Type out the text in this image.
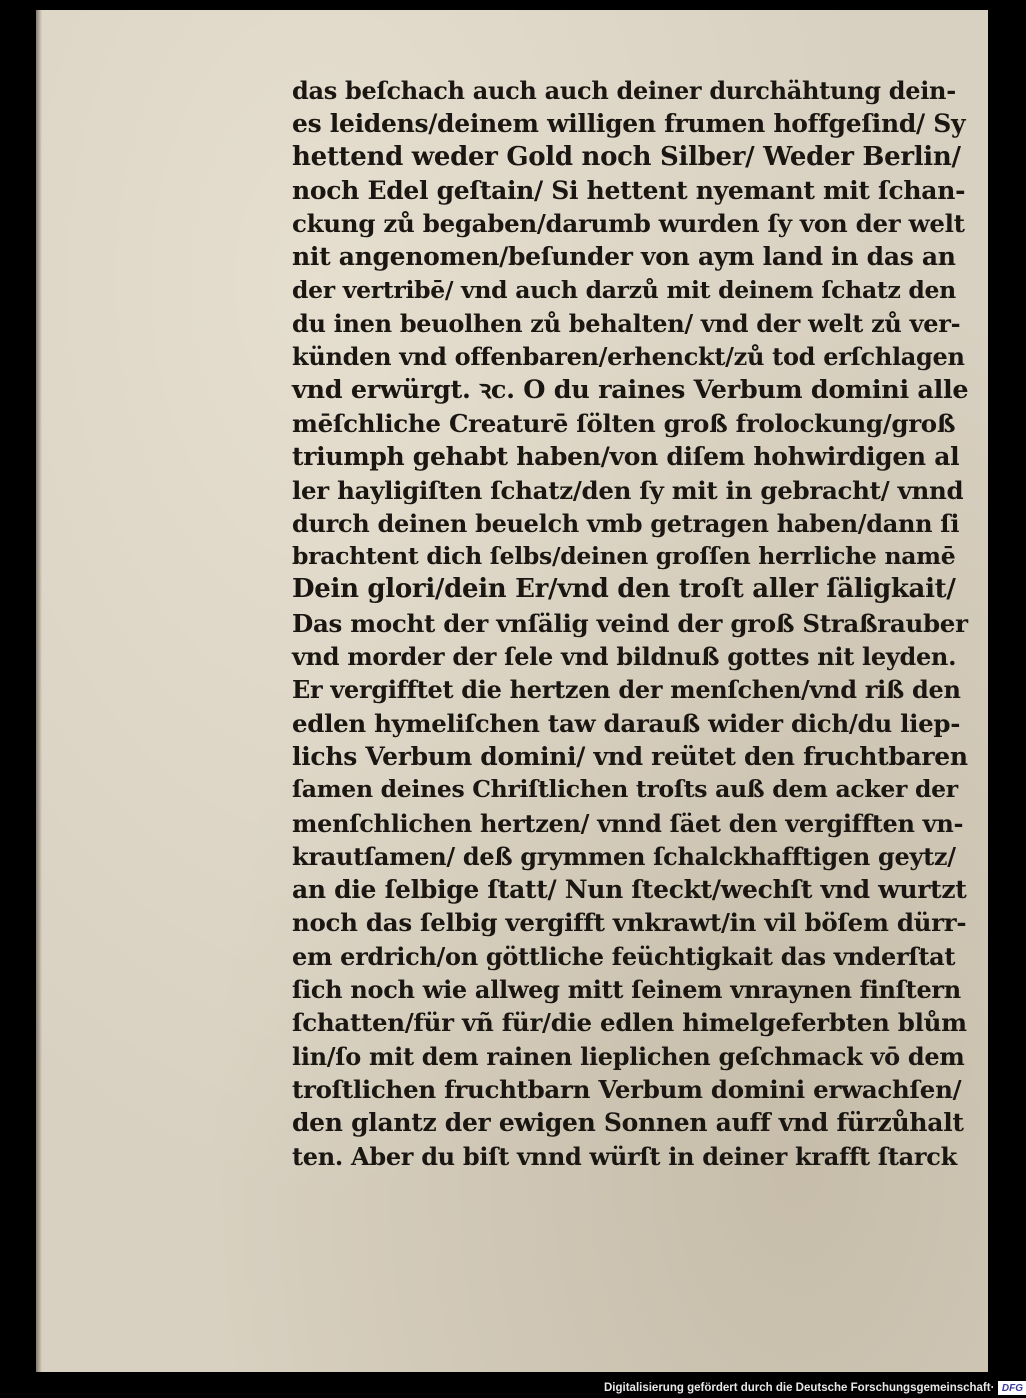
das beſchach auch auch deiner durchähtung dein-
es leidens/deinem willigen frumen hoffgeſind/ Sy
hettend weder Gold noch Silber/ Weder Berlin/
noch Edel geſtain/ Si hettent nyemant mit ſchan-
ckung zů begaben/darumb wurden ſy von der welt
nit angenomen/beſunder von aym land in das an
der vertribē/ vnd auch darzů mit deinem ſchatz den
du inen beuolhen zů behalten/ vnd der welt zů ver-
künden vnd offenbaren/erhenckt/zů tod erſchlagen
vnd erwürgt. ꝛc. O du raines Verbum domini alle
mēſchliche Creaturē ſölten groß frolockung/groß
triumph gehabt haben/von diſem hohwirdigen al
ler hayligiſten ſchatz/den ſy mit in gebracht/ vnnd
durch deinen beuelch vmb getragen haben/dann ſi
brachtent dich ſelbs/deinen groſſen herrliche namē
Dein glori/dein Er/vnd den troſt aller ſäligkait/
Das mocht der vnſälig veind der groß Straßrauber
vnd morder der ſele vnd bildnuß gottes nit leyden.
Er vergifftet die hertzen der menſchen/vnd riß den
edlen hymeliſchen taw darauß wider dich/du liep-
lichs Verbum domini/ vnd reütet den fruchtbaren
ſamen deines Chriſtlichen troſts auß dem acker der
menſchlichen hertzen/ vnnd ſäet den vergifften vn-
krautſamen/ deß grymmen ſchalckhafftigen geytz/
an die ſelbige ſtatt/ Nun ſteckt/wechſt vnd wurtzt
noch das ſelbig vergifft vnkrawt/in vil böſem dürr-
em erdrich/on göttliche feüchtigkait das vnderſtat
ſich noch wie allweg mitt ſeinem vnraynen finſtern
ſchatten/für vñ für/die edlen himelgeferbten blům
lin/ſo mit dem rainen lieplichen geſchmack vō dem
troſtlichen fruchtbarn Verbum domini erwachſen/
den glantz der ewigen Sonnen auff vnd fürzůhalt
ten. Aber du biſt vnnd würſt in deiner krafft ſtarck
Digitalisierung gefördert durch die Deutsche Forschungsgemeinschaft · DFG
